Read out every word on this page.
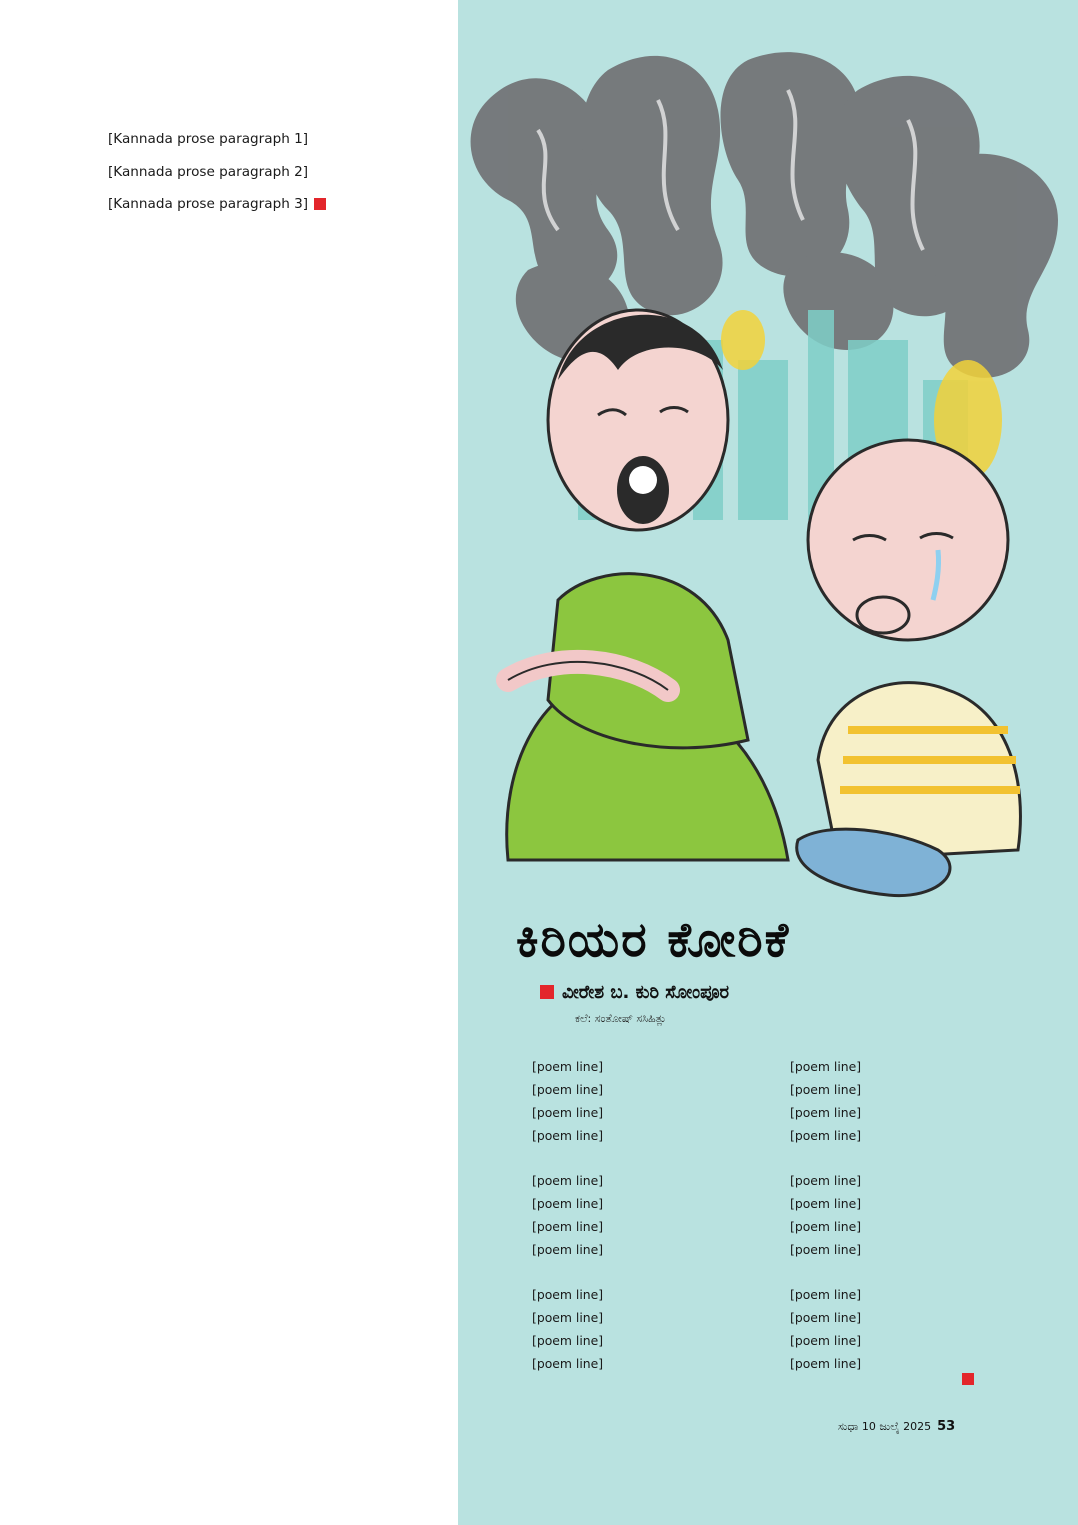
[Kannada prose paragraph 1]

[Kannada prose paragraph 2]

[Kannada prose paragraph 3]

ಕಿರಿಯರ ಕೋರಿಕೆ
ವೀರೇಶ ಬ. ಕುರಿ ಸೋಂಪೂರ
ಕಲೆ: ಸಂತೋಷ್ ಸಸಿಹಿತ್ಲು
[poem line]
[poem line]
[poem line]
[poem line]
[poem line]
[poem line]
[poem line]
[poem line]
[poem line]
[poem line]
[poem line]
[poem line]
[poem line]
[poem line]
[poem line]
[poem line]
[poem line]
[poem line]
[poem line]
[poem line]
[poem line]
[poem line]
[poem line]
[poem line]
ಸುಧಾ 10 ಜುಲೈ 2025 53
